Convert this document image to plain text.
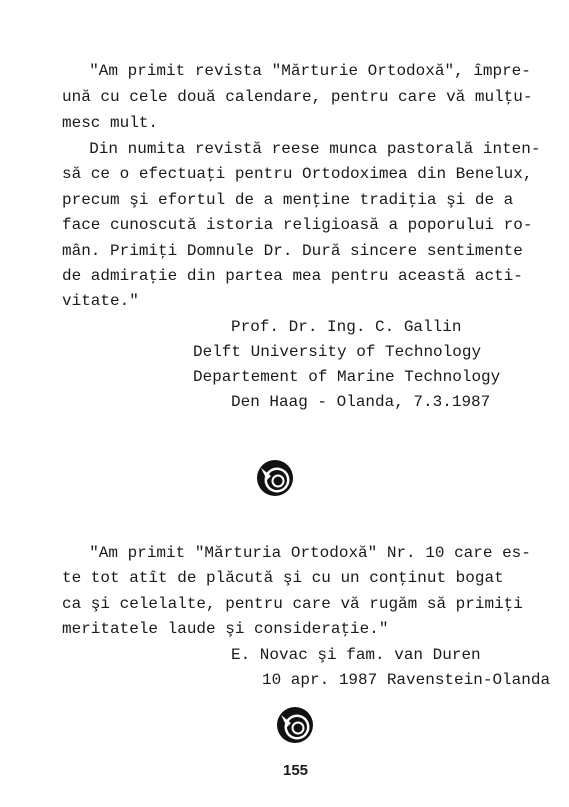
"Am primit revista "Mărturie Ortodoxă", împre-
ună cu cele două calendare, pentru care vă mulţu-
mesc mult.
Din numita revistă reese munca pastorală inten-
să ce o efectuaţi pentru Ortodoximea din Benelux,
precum şi efortul de a menţine tradiţia şi de a
face cunoscută istoria religioasă a poporului ro-
mân. Primiţi Domnule Dr. Dură sincere sentimente
de admiraţie din partea mea pentru această acti-
vitate."
Prof. Dr. Ing. C. Gallin
Delft University of Technology
Departement of Marine Technology
Den Haag - Olanda, 7.3.1987
"Am primit "Mărturia Ortodoxă" Nr. 10 care es-
te tot atît de plăcută şi cu un conţinut bogat
ca şi celelalte, pentru care vă rugăm să primiţi
meritatele laude şi consideraţie."
E. Novac şi fam. van Duren
10 apr. 1987 Ravenstein-Olanda
155
